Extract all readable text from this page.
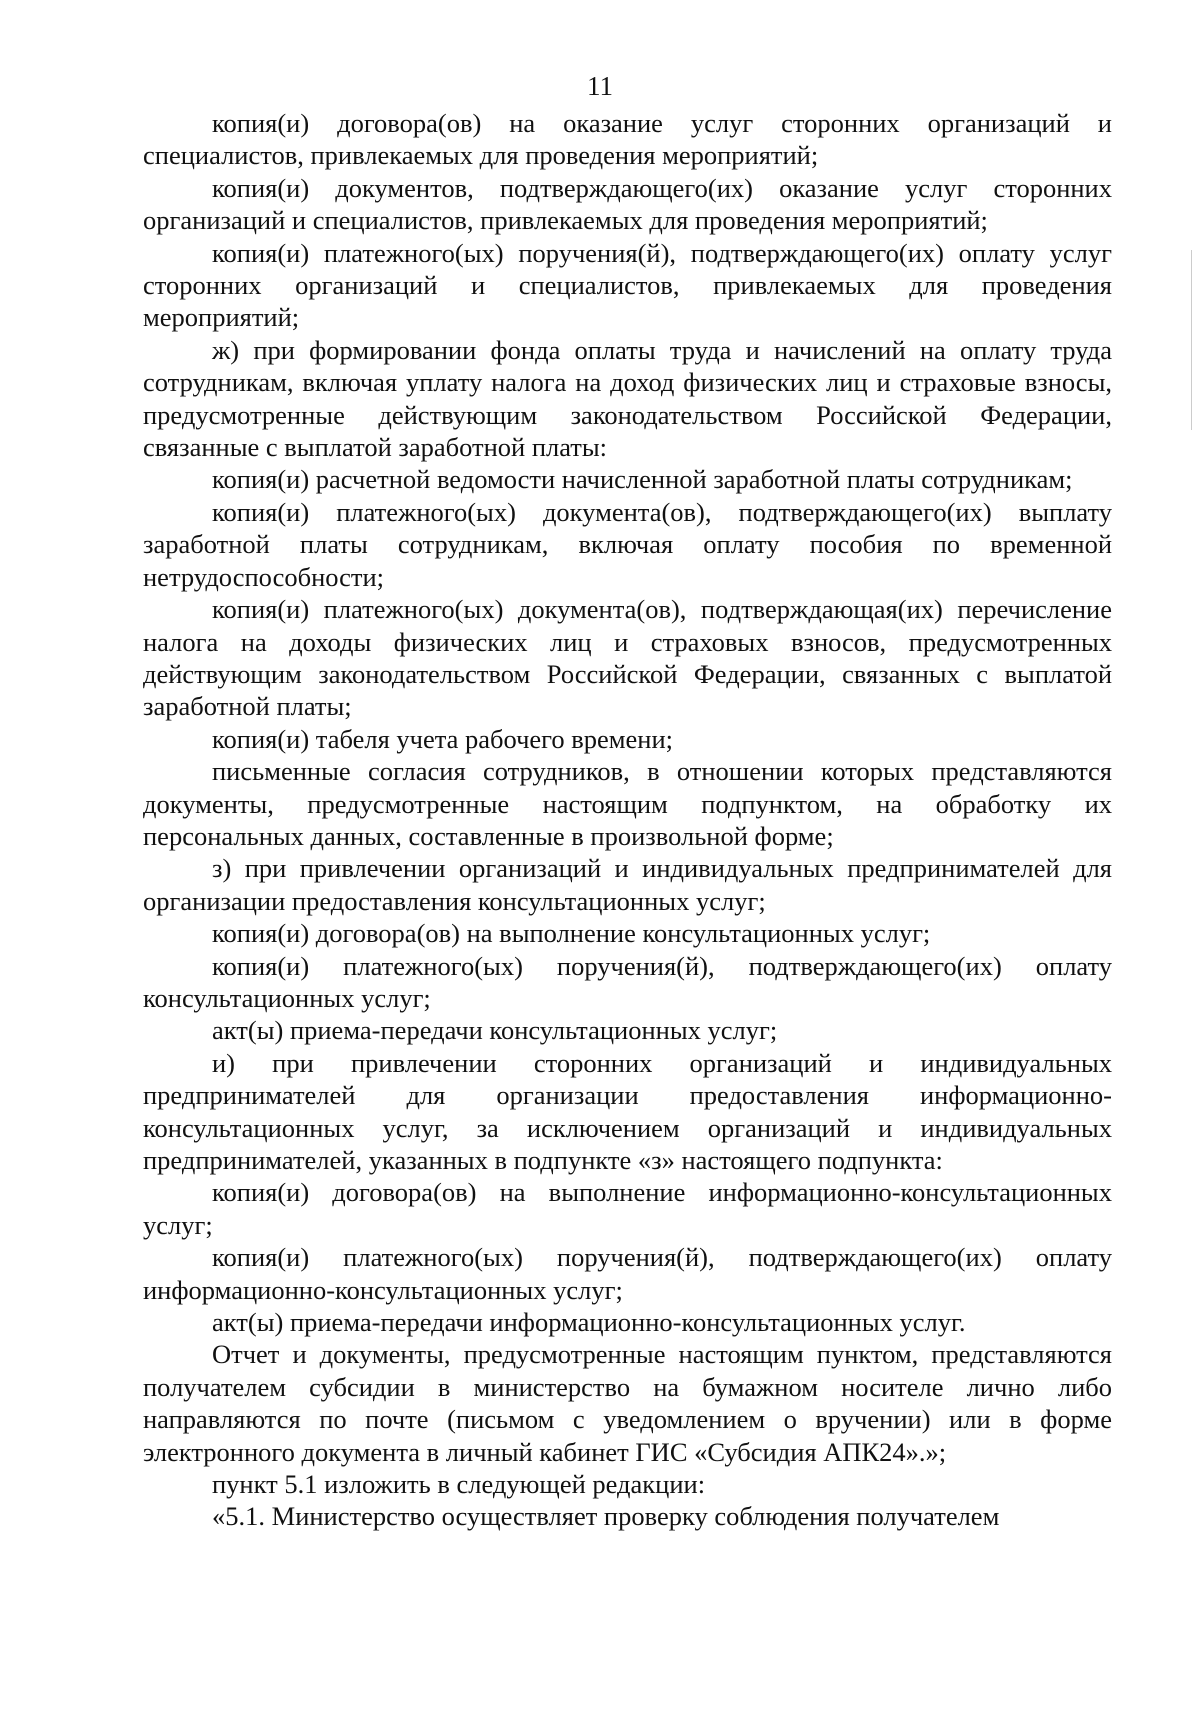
11

копия(и) договора(ов) на оказание услуг сторонних организаций и специалистов, привлекаемых для проведения мероприятий;

копия(и) документов, подтверждающего(их) оказание услуг сторонних организаций и специалистов, привлекаемых для проведения мероприятий;

копия(и) платежного(ых) поручения(й), подтверждающего(их) оплату услуг сторонних организаций и специалистов, привлекаемых для проведения мероприятий;

ж) при формировании фонда оплаты труда и начислений на оплату труда сотрудникам, включая уплату налога на доход физических лиц и страховые взносы, предусмотренные действующим законодательством Российской Федерации, связанные с выплатой заработной платы:

копия(и) расчетной ведомости начисленной заработной платы сотрудникам;

копия(и) платежного(ых) документа(ов), подтверждающего(их) выплату заработной платы сотрудникам, включая оплату пособия по временной нетрудоспособности;

копия(и) платежного(ых) документа(ов), подтверждающая(их) перечисление налога на доходы физических лиц и страховых взносов, предусмотренных действующим законодательством Российской Федерации, связанных с выплатой заработной платы;

копия(и) табеля учета рабочего времени;

письменные согласия сотрудников, в отношении которых представляются документы, предусмотренные настоящим подпунктом, на обработку их персональных данных, составленные в произвольной форме;

з) при привлечении организаций и индивидуальных предпринимателей для организации предоставления консультационных услуг;

копия(и) договора(ов) на выполнение консультационных услуг;

копия(и) платежного(ых) поручения(й), подтверждающего(их) оплату консультационных услуг;

акт(ы) приема-передачи консультационных услуг;

и) при привлечении сторонних организаций и индивидуальных предпринимателей для организации предоставления информационно-консультационных услуг, за исключением организаций и индивидуальных предпринимателей, указанных в подпункте «з» настоящего подпункта:

копия(и) договора(ов) на выполнение информационно-консультационных услуг;

копия(и) платежного(ых) поручения(й), подтверждающего(их) оплату информационно-консультационных услуг;

акт(ы) приема-передачи информационно-консультационных услуг.

Отчет и документы, предусмотренные настоящим пунктом, представляются получателем субсидии в министерство на бумажном носителе лично либо направляются по почте (письмом с уведомлением о вручении) или в форме электронного документа в личный кабинет ГИС «Субсидия АПК24».»;

пункт 5.1 изложить в следующей редакции:

«5.1. Министерство осуществляет проверку соблюдения получателем
